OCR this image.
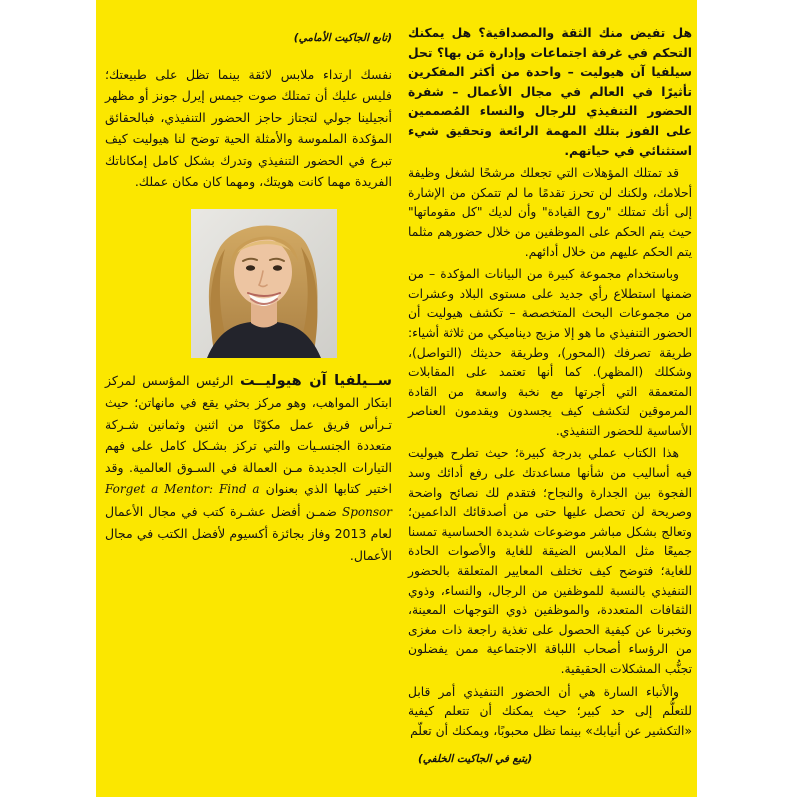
هل تفيض منك الثقة والمصداقية؟ هل يمكنك التحكم في غرفة اجتماعات وإدارة مَن بها؟ تحل سيلفيا آن هيوليت – واحدة من أكثر المفكرين تأثيرًا في العالم في مجال الأعمال – شفرة الحضور التنفيذي للرجال والنساء المُصممين على الفوز بتلك المهمة الرائعة وتحقيق شيء استثنائي في حياتهم.

قد تمتلك المؤهلات التي تجعلك مرشحًا لشغل وظيفة أحلامك، ولكنك لن تحرز تقدمًا ما لم تتمكن من الإشارة إلى أنك تمتلك "روح القيادة" وأن لديك "كل مقوماتها" حيث يتم الحكم على الموظفين من خلال حضورهم مثلما يتم الحكم عليهم من خلال أدائهم.

وباستخدام مجموعة كبيرة من البيانات المؤكدة – من ضمنها استطلاع رأي جديد على مستوى البلاد وعشرات من مجموعات البحث المتخصصة – تكشف هيوليت أن الحضور التنفيذي ما هو إلا مزيج ديناميكي من ثلاثة أشياء: طريقة تصرفك (المحور)، وطريقة حديثك (التواصل)، وشكلك (المظهر). كما أنها تعتمد على المقابلات المتعمقة التي أجرتها مع نخبة واسعة من القادة المرموقين لتكشف كيف يجسدون ويقدمون العناصر الأساسية للحضور التنفيذي.

هذا الكتاب عملي بدرجة كبيرة؛ حيث تطرح هيوليت فيه أساليب من شأنها مساعدتك على رفع أدائك وسد الفجوة بين الجدارة والنجاح؛ فتقدم لك نصائح واضحة وصريحة لن تحصل عليها حتى من أصدقائك الداعمين؛ وتعالج بشكل مباشر موضوعات شديدة الحساسية تمسنا جميعًا مثل الملابس الضيقة للغاية والأصوات الحادة للغاية؛ فتوضح كيف تختلف المعايير المتعلقة بالحضور التنفيذي بالنسبة للموظفين من الرجال، والنساء، وذوي الثقافات المتعددة، والموظفين ذوي التوجهات المعينة، وتخبرنا عن كيفية الحصول على تغذية راجعة ذات مغزى من الرؤساء أصحاب اللباقة الاجتماعية ممن يفضلون تجنُّب المشكلات الحقيقية.

والأنباء السارة هي أن الحضور التنفيذي أمر قابل للتعلُّم إلى حد كبير؛ حيث يمكنك أن تتعلم كيفية «التكشير عن أنيابك» بينما تظل محبوبًا، ويمكنك أن تعلّم

(تابع الجاكيت الأمامي)

نفسك ارتداء ملابس لائقة بينما تظل على طبيعتك؛ فليس عليك أن تمتلك صوت جيمس إيرل جونز أو مظهر أنجيلينا جولي لتجتاز حاجز الحضور التنفيذي، فبالحقائق المؤكدة الملموسة والأمثلة الحية توضح لنا هيوليت كيف تبرع في الحضور التنفيذي وتدرك بشكل كامل إمكاناتك الفريدة مهما كانت هويتك، ومهما كان مكان عملك.

ســيلفيا آن هيوليــت الرئيس المؤسس لمركز ابتكار المواهب، وهو مركز بحثي يقع في مانهاتن؛ حيث تـرأس فريق عمل مكوّنًا من اثنين وثمانين شـركة متعددة الجنسـيات والتي تركز بشـكل كامل على فهم التيارات الجديدة مـن العمالة في السـوق العالمية. وقد اختير كتابها الذي بعنوان Forget a Mentor: Find a Sponsor ضمـن أفضل عشـرة كتب في مجال الأعمال لعام 2013 وفاز بجائزة أكسيوم لأفضل الكتب في مجال الأعمال.

(يتبع في الجاكيت الخلفي)
